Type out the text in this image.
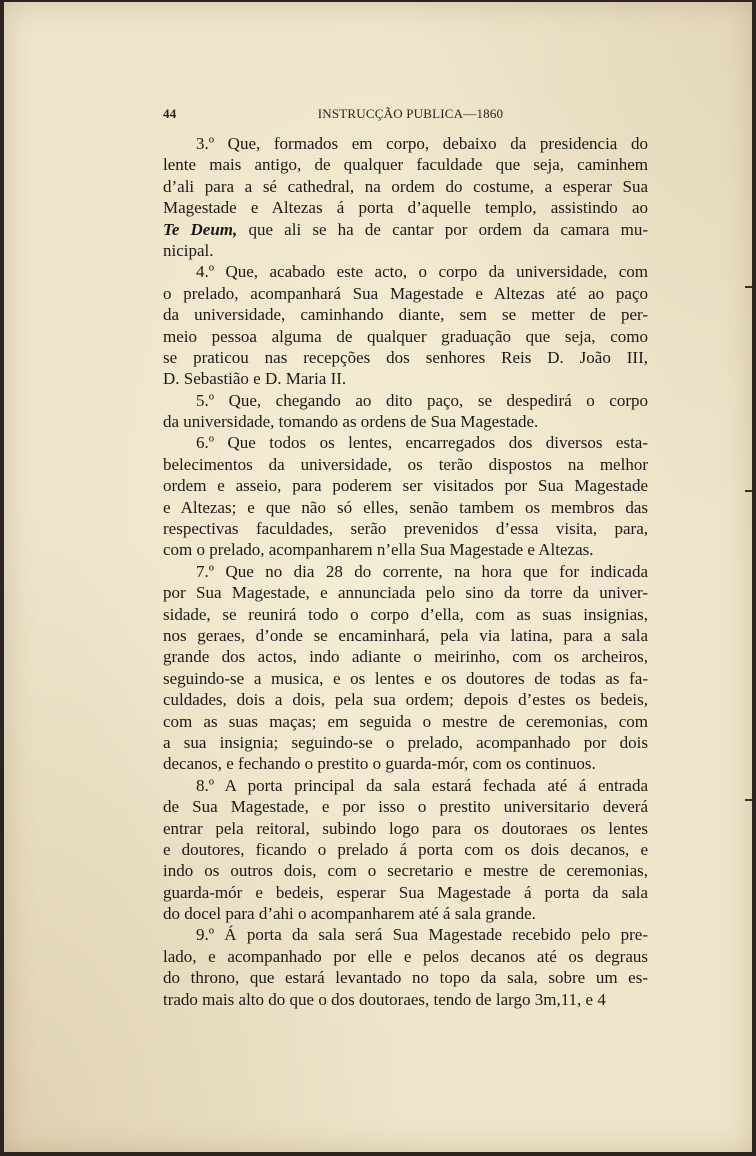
44	INSTRUCÇÃO PUBLICA—1860
3.º Que, formados em corpo, debaixo da presidencia do
lente mais antigo, de qualquer faculdade que seja, caminhem
d’ali para a sé cathedral, na ordem do costume, a esperar Sua
Magestade e Altezas á porta d’aquelle templo, assistindo ao
Te Deum, que ali se ha de cantar por ordem da camara mu-
nicipal.
4.º Que, acabado este acto, o corpo da universidade, com
o prelado, acompanhará Sua Magestade e Altezas até ao paço
da universidade, caminhando diante, sem se metter de per-
meio pessoa alguma de qualquer graduação que seja, como
se praticou nas recepções dos senhores Reis D. João III,
D. Sebastião e D. Maria II.
5.º Que, chegando ao dito paço, se despedirá o corpo
da universidade, tomando as ordens de Sua Magestade.
6.º Que todos os lentes, encarregados dos diversos esta-
belecimentos da universidade, os terão dispostos na melhor
ordem e asseio, para poderem ser visitados por Sua Magestade
e Altezas; e que não só elles, senão tambem os membros das
respectivas faculdades, serão prevenidos d’essa visita, para,
com o prelado, acompanharem n’ella Sua Magestade e Altezas.
7.º Que no dia 28 do corrente, na hora que for indicada
por Sua Magestade, e annunciada pelo sino da torre da univer-
sidade, se reunirá todo o corpo d’ella, com as suas insignias,
nos geraes, d’onde se encaminhará, pela via latina, para a sala
grande dos actos, indo adiante o meirinho, com os archeiros,
seguindo-se a musica, e os lentes e os doutores de todas as fa-
culdades, dois a dois, pela sua ordem; depois d’estes os bedeis,
com as suas maças; em seguida o mestre de ceremonias, com
a sua insignia; seguindo-se o prelado, acompanhado por dois
decanos, e fechando o prestito o guarda-mór, com os continuos.
8.º A porta principal da sala estará fechada até á entrada
de Sua Magestade, e por isso o prestito universitario deverá
entrar pela reitoral, subindo logo para os doutoraes os lentes
e doutores, ficando o prelado á porta com os dois decanos, e
indo os outros dois, com o secretario e mestre de ceremonias,
guarda-mór e bedeis, esperar Sua Magestade á porta da sala
do docel para d’ahi o acompanharem até á sala grande.
9.º Á porta da sala será Sua Magestade recebido pelo pre-
lado, e acompanhado por elle e pelos decanos até os degraus
do throno, que estará levantado no topo da sala, sobre um es-
trado mais alto do que o dos doutoraes, tendo de largo 3m,11, e 4
